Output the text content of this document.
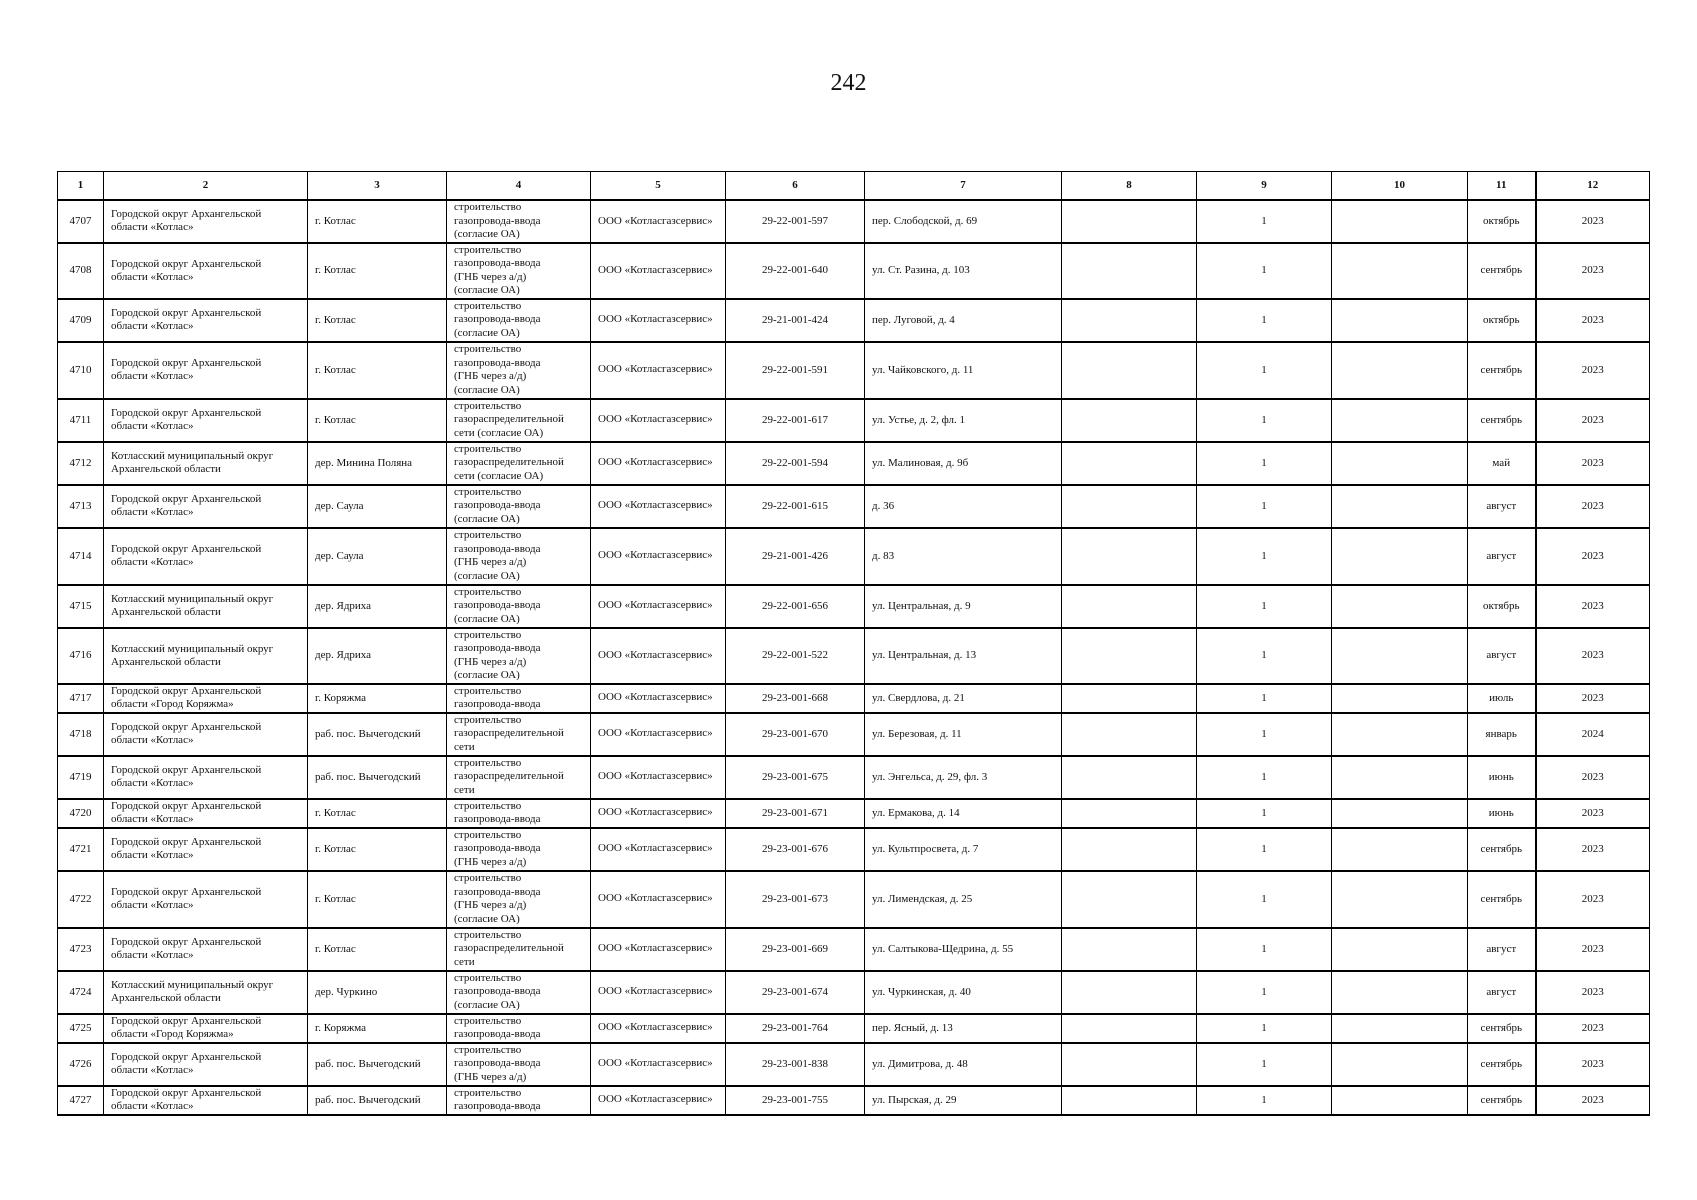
242
1	2	3	4	5	6	7	8	9	10	11	12
4707	Городской округ Архангельской области «Котлас»	г. Котлас	строительство
газопровода-ввода
(согласие ОА)	ООО «Котласгазсервис»	29-22-001-597	пер. Слободской, д. 69		1		октябрь	2023
4708	Городской округ Архангельской области «Котлас»	г. Котлас	строительство
газопровода-ввода
(ГНБ через а/д)
(согласие ОА)	ООО «Котласгазсервис»	29-22-001-640	ул. Ст. Разина, д. 103		1		сентябрь	2023
4709	Городской округ Архангельской области «Котлас»	г. Котлас	строительство
газопровода-ввода
(согласие ОА)	ООО «Котласгазсервис»	29-21-001-424	пер. Луговой, д. 4		1		октябрь	2023
4710	Городской округ Архангельской области «Котлас»	г. Котлас	строительство
газопровода-ввода
(ГНБ через а/д)
(согласие ОА)	ООО «Котласгазсервис»	29-22-001-591	ул. Чайковского, д. 11		1		сентябрь	2023
4711	Городской округ Архангельской области «Котлас»	г. Котлас	строительство
газораспределительной
сети (согласие ОА)	ООО «Котласгазсервис»	29-22-001-617	ул. Устье, д. 2, фл. 1		1		сентябрь	2023
4712	Котласский муниципальный округ Архангельской области	дер. Минина Поляна	строительство
газораспределительной
сети (согласие ОА)	ООО «Котласгазсервис»	29-22-001-594	ул. Малиновая, д. 9б		1		май	2023
4713	Городской округ Архангельской области «Котлас»	дер. Саула	строительство
газопровода-ввода
(согласие ОА)	ООО «Котласгазсервис»	29-22-001-615	д. 36		1		август	2023
4714	Городской округ Архангельской области «Котлас»	дер. Саула	строительство
газопровода-ввода
(ГНБ через а/д)
(согласие ОА)	ООО «Котласгазсервис»	29-21-001-426	д. 83		1		август	2023
4715	Котласский муниципальный округ Архангельской области	дер. Ядриха	строительство
газопровода-ввода
(согласие ОА)	ООО «Котласгазсервис»	29-22-001-656	ул. Центральная, д. 9		1		октябрь	2023
4716	Котласский муниципальный округ Архангельской области	дер. Ядриха	строительство
газопровода-ввода
(ГНБ через а/д)
(согласие ОА)	ООО «Котласгазсервис»	29-22-001-522	ул. Центральная, д. 13		1		август	2023
4717	Городской округ Архангельской области «Город Коряжма»	г. Коряжма	строительство
газопровода-ввода	ООО «Котласгазсервис»	29-23-001-668	ул. Свердлова, д. 21		1		июль	2023
4718	Городской округ Архангельской области «Котлас»	раб. пос. Вычегодский	строительство
газораспределительной
сети	ООО «Котласгазсервис»	29-23-001-670	ул. Березовая, д. 11		1		январь	2024
4719	Городской округ Архангельской области «Котлас»	раб. пос. Вычегодский	строительство
газораспределительной
сети	ООО «Котласгазсервис»	29-23-001-675	ул. Энгельса, д. 29, фл. 3		1		июнь	2023
4720	Городской округ Архангельской области «Котлас»	г. Котлас	строительство
газопровода-ввода	ООО «Котласгазсервис»	29-23-001-671	ул. Ермакова, д. 14		1		июнь	2023
4721	Городской округ Архангельской области «Котлас»	г. Котлас	строительство
газопровода-ввода
(ГНБ через а/д)	ООО «Котласгазсервис»	29-23-001-676	ул. Культпросвета, д. 7		1		сентябрь	2023
4722	Городской округ Архангельской области «Котлас»	г. Котлас	строительство
газопровода-ввода
(ГНБ через а/д)
(согласие ОА)	ООО «Котласгазсервис»	29-23-001-673	ул. Лимендская, д. 25		1		сентябрь	2023
4723	Городской округ Архангельской области «Котлас»	г. Котлас	строительство
газораспределительной
сети	ООО «Котласгазсервис»	29-23-001-669	ул. Салтыкова-Щедрина, д. 55		1		август	2023
4724	Котласский муниципальный округ Архангельской области	дер. Чуркино	строительство
газопровода-ввода
(согласие ОА)	ООО «Котласгазсервис»	29-23-001-674	ул. Чуркинская, д. 40		1		август	2023
4725	Городской округ Архангельской области «Город Коряжма»	г. Коряжма	строительство
газопровода-ввода	ООО «Котласгазсервис»	29-23-001-764	пер. Ясный, д. 13		1		сентябрь	2023
4726	Городской округ Архангельской области «Котлас»	раб. пос. Вычегодский	строительство
газопровода-ввода
(ГНБ через а/д)	ООО «Котласгазсервис»	29-23-001-838	ул. Димитрова, д. 48		1		сентябрь	2023
4727	Городской округ Архангельской области «Котлас»	раб. пос. Вычегодский	строительство
газопровода-ввода	ООО «Котласгазсервис»	29-23-001-755	ул. Пырская, д. 29		1		сентябрь	2023
